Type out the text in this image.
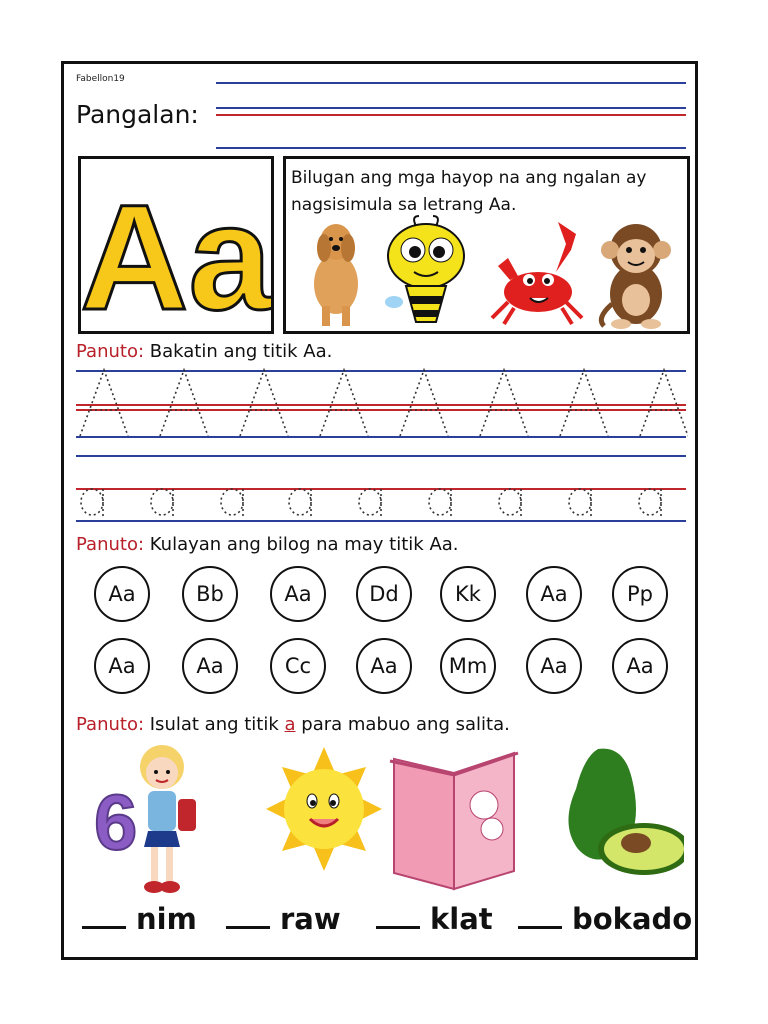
Fabellon19
Pangalan:
Aa Bilugan ang mga hayop na ang ngalan ay nagsisimula sa letrang Aa.
Panuto: Bakatin ang titik Aa.
Panuto: Kulayan ang bilog na may titik Aa.
Aa	Bb	Aa	Dd	Kk	Aa	Pp
Aa	Aa	Cc	Aa	Mm	Aa	Aa
Panuto: Isulat ang titik a para mabuo ang salita.
6
nim	raw	klat	bokado
